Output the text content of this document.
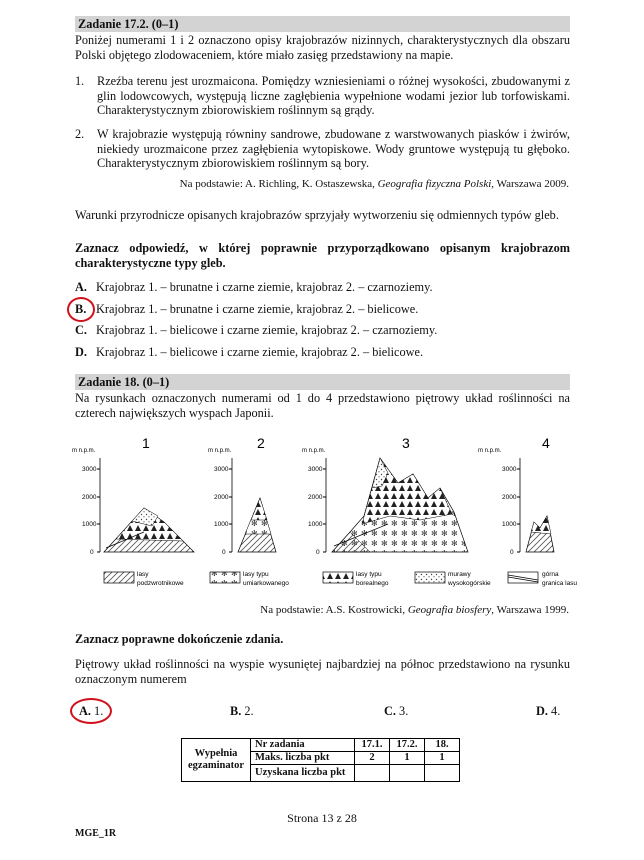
Zadanie 17.2. (0–1)
Poniżej numerami 1 i 2 oznaczono opisy krajobrazów nizinnych, charakterystycznych dla obszaru Polski objętego zlodowaceniem, które miało zasięg przedstawiony na mapie.
1. Rzeźba terenu jest urozmaicona. Pomiędzy wzniesieniami o różnej wysokości, zbudowanymi z glin lodowcowych, występują liczne zagłębienia wypełnione wodami jezior lub torfowiskami. Charakterystycznym zbiorowiskiem roślinnym są grądy.
2. W krajobrazie występują równiny sandrowe, zbudowane z warstwowanych piasków i żwirów, niekiedy urozmaicone przez zagłębienia wytopiskowe. Wody gruntowe występują tu głęboko. Charakterystycznym zbiorowiskiem roślinnym są bory.
Na podstawie: A. Richling, K. Ostaszewska, Geografia fizyczna Polski, Warszawa 2009.
Warunki przyrodnicze opisanych krajobrazów sprzyjały wytworzeniu się odmiennych typów gleb.
Zaznacz odpowiedź, w której poprawnie przyporządkowano opisanym krajobrazom charakterystyczne typy gleb.
A. Krajobraz 1. – brunatne i czarne ziemie, krajobraz 2. – czarnoziemy.
B. Krajobraz 1. – brunatne i czarne ziemie, krajobraz 2. – bielicowe.
C. Krajobraz 1. – bielicowe i czarne ziemie, krajobraz 2. – czarnoziemy.
D. Krajobraz 1. – bielicowe i czarne ziemie, krajobraz 2. – bielicowe.
Zadanie 18. (0–1)
Na rysunkach oznaczonych numerami od 1 do 4 przedstawiono piętrowy układ roślinności na czterech największych wyspach Japonii.
1
m n.p.m.
3000
2000
1000
0
2
m n.p.m.
3000
2000
1000
0
3
m n.p.m.
3000
2000
1000
0
4
m n.p.m.
3000
2000
1000
0
lasy
podzwrotnikowe
lasy typu
umiarkowanego
lasy typu
borealnego
murawy
wysokogórskie
górna
granica lasu
Na podstawie: A.S. Kostrowicki, Geografia biosfery, Warszawa 1999.
Zaznacz poprawne dokończenie zdania.
Piętrowy układ roślinności na wyspie wysuniętej najbardziej na północ przedstawiono na rysunku oznaczonym numerem
A. 1.	B. 2.	C. 3.	D. 4.
Wypełnia
egzaminator	Nr zadania	17.1.	17.2.	18.
	Maks. liczba pkt	2	1	1
	Uzyskana liczba pkt			
Strona 13 z 28
MGE_1R
